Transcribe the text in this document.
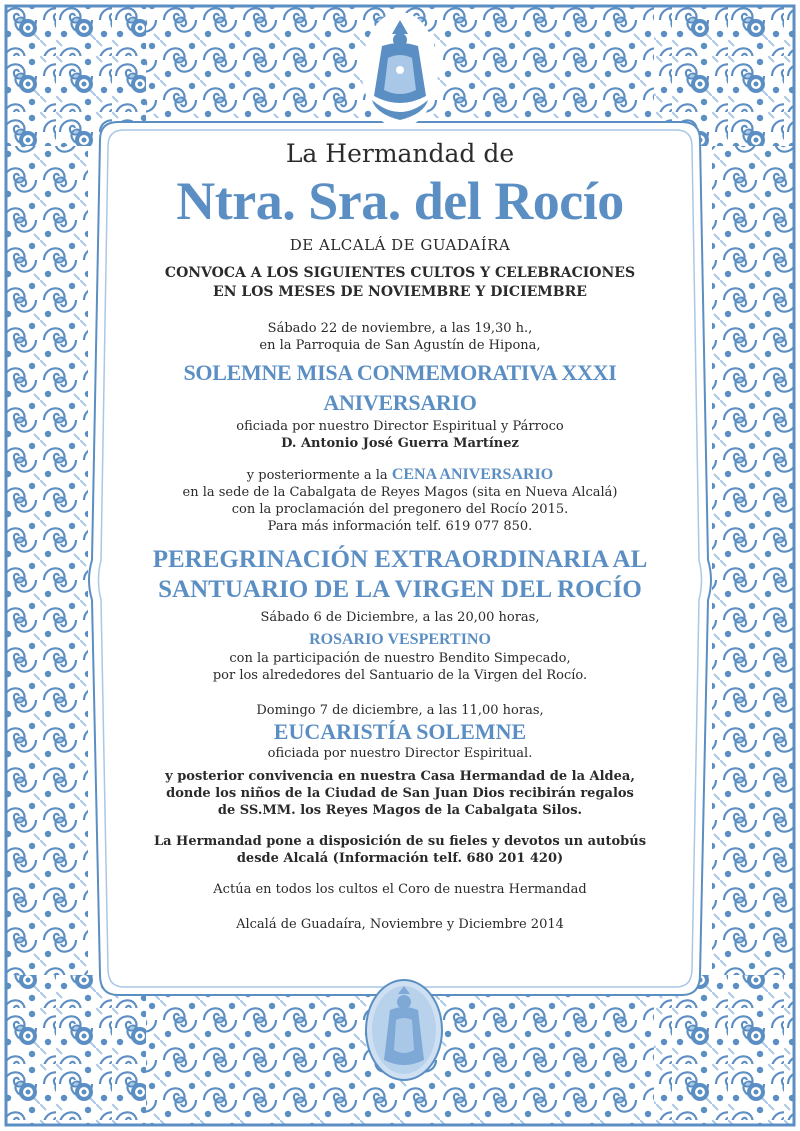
La Hermandad de
Ntra. Sra. del Rocío
DE ALCALÁ DE GUADAÍRA
CONVOCA A LOS SIGUIENTES CULTOS Y CELEBRACIONES
EN LOS MESES DE NOVIEMBRE Y DICIEMBRE
Sábado 22 de noviembre, a las 19,30 h.,
en la Parroquia de San Agustín de Hipona,
SOLEMNE MISA CONMEMORATIVA XXXI ANIVERSARIO
oficiada por nuestro Director Espiritual y Párroco
D. Antonio José Guerra Martínez
y posteriormente a la CENA ANIVERSARIO
en la sede de la Cabalgata de Reyes Magos (sita en Nueva Alcalá)
con la proclamación del pregonero del Rocío 2015.
Para más información telf. 619 077 850.
PEREGRINACIÓN EXTRAORDINARIA AL
SANTUARIO DE LA VIRGEN DEL ROCÍO
Sábado 6 de Diciembre, a las 20,00 horas,
ROSARIO VESPERTINO
con la participación de nuestro Bendito Simpecado,
por los alrededores del Santuario de la Virgen del Rocío.
Domingo 7 de diciembre, a las 11,00 horas,
EUCARISTÍA SOLEMNE
oficiada por nuestro Director Espiritual.
y posterior convivencia en nuestra Casa Hermandad de la Aldea,
donde los niños de la Ciudad de San Juan Dios recibirán regalos
de SS.MM. los Reyes Magos de la Cabalgata Silos.
La Hermandad pone a disposición de su fieles y devotos un autobús
desde Alcalá (Información telf. 680 201 420)
Actúa en todos los cultos el Coro de nuestra Hermandad
Alcalá de Guadaíra, Noviembre y Diciembre 2014
